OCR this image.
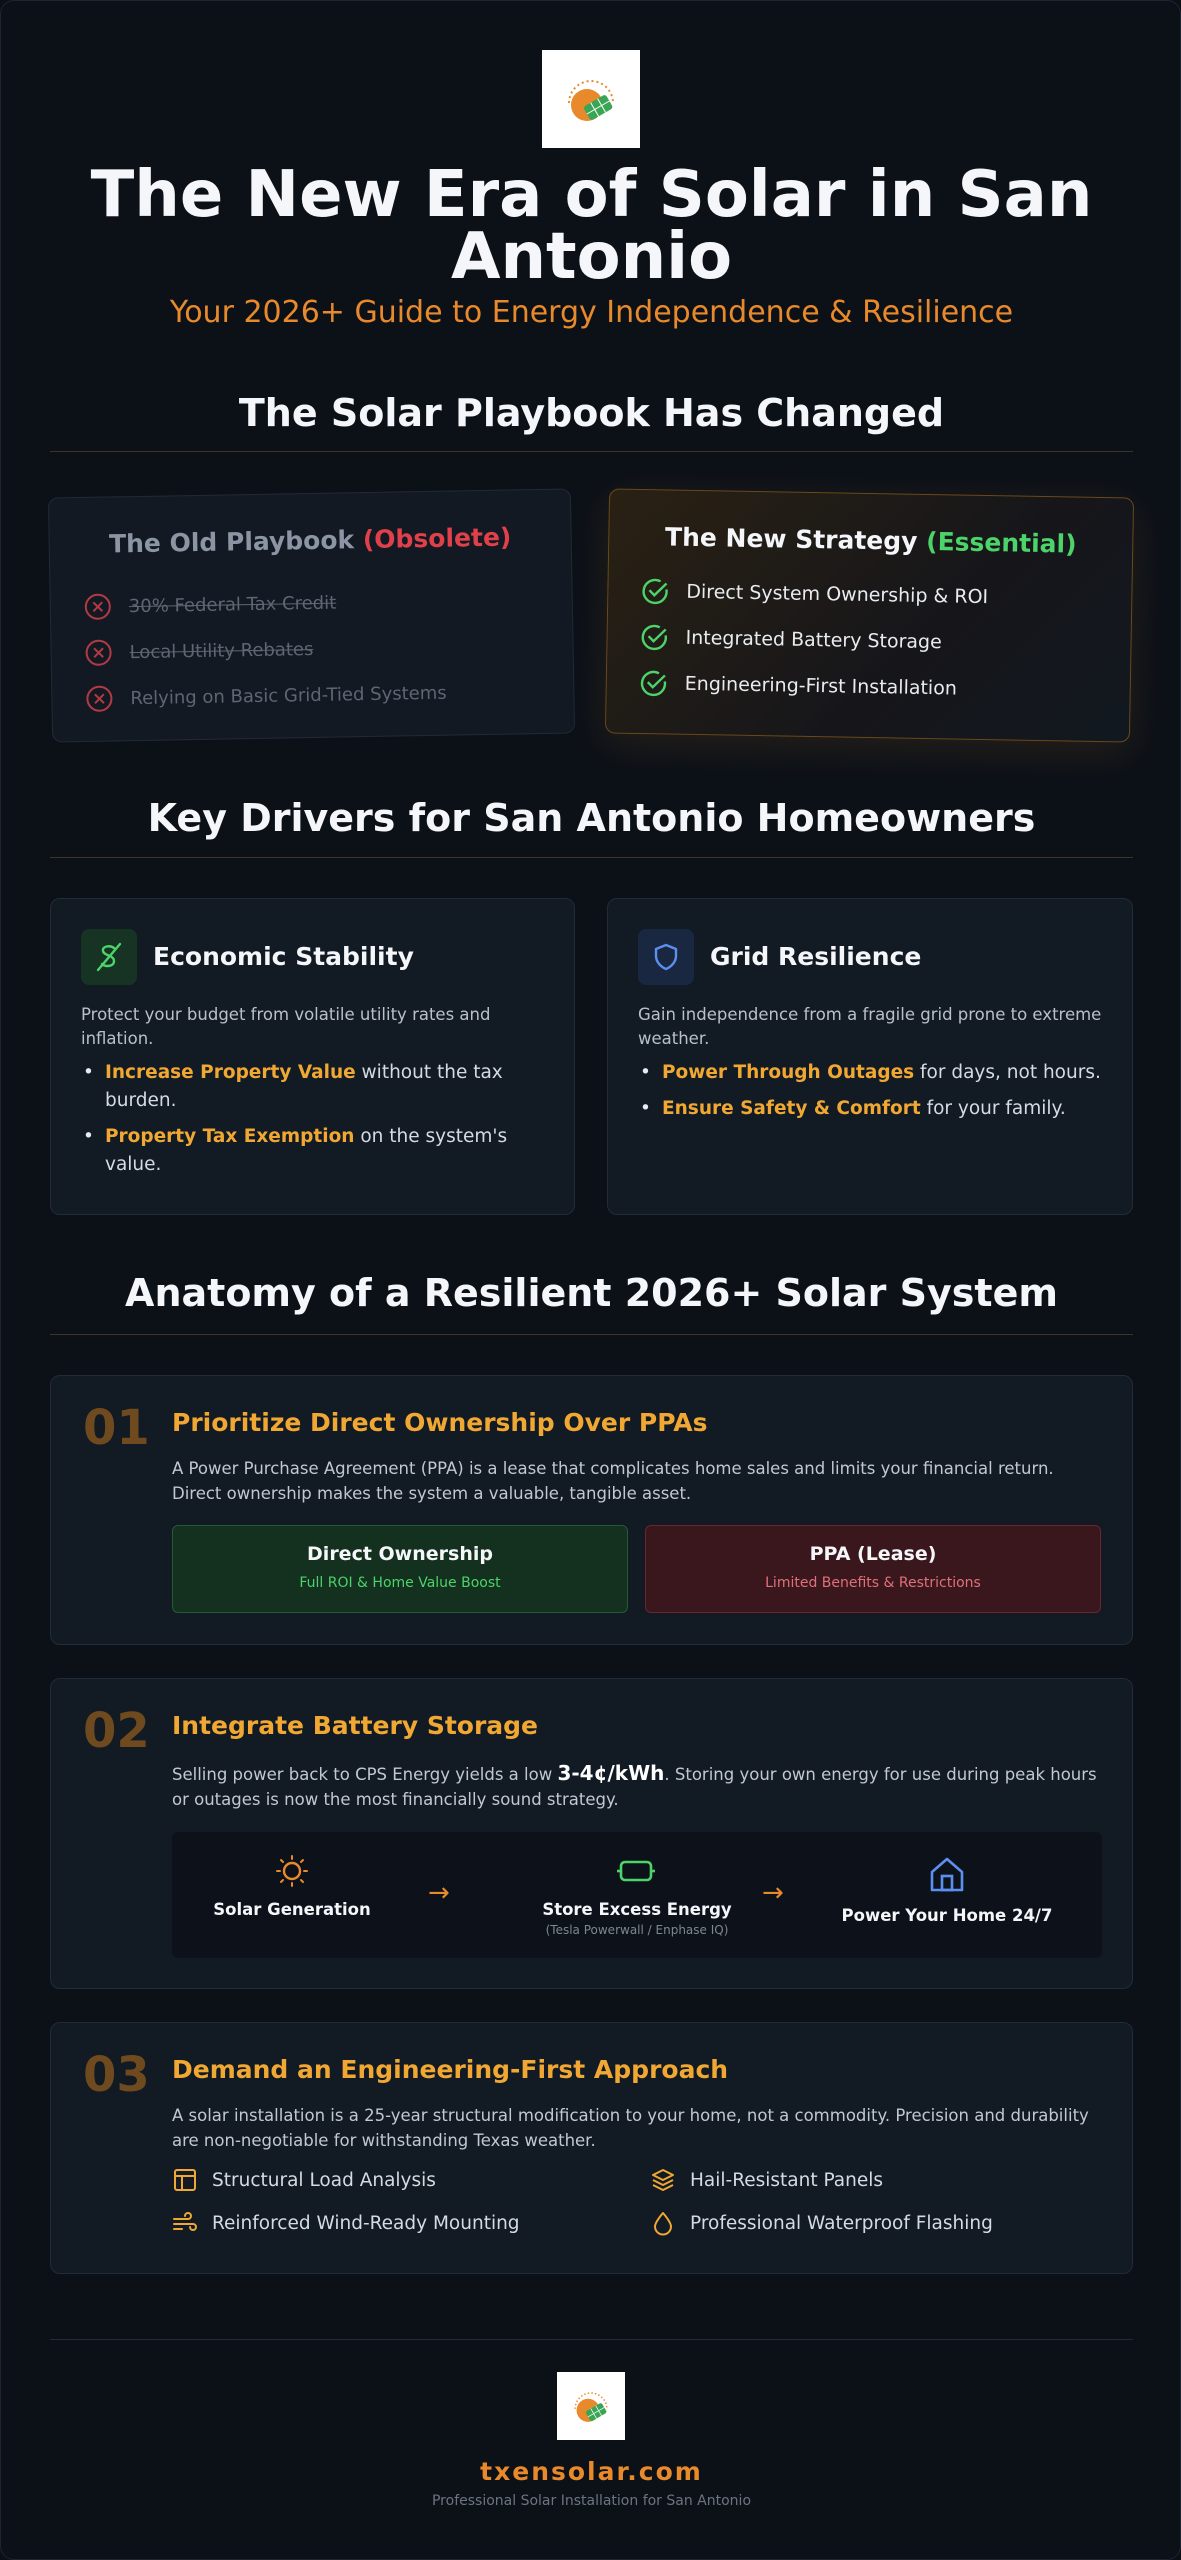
The New Era of Solar in San Antonio
Your 2026+ Guide to Energy Independence & Resilience
The Solar Playbook Has Changed
The Old Playbook (Obsolete)
30% Federal Tax Credit
Local Utility Rebates
Relying on Basic Grid-Tied Systems
The New Strategy (Essential)
Direct System Ownership & ROI
Integrated Battery Storage
Engineering-First Installation
Key Drivers for San Antonio Homeowners
Economic Stability
Protect your budget from volatile utility rates and inflation.
• Increase Property Value without the tax burden.
• Property Tax Exemption on the system's value.
Grid Resilience
Gain independence from a fragile grid prone to extreme weather.
• Power Through Outages for days, not hours.
• Ensure Safety & Comfort for your family.
Anatomy of a Resilient 2026+ Solar System
01 Prioritize Direct Ownership Over PPAs
A Power Purchase Agreement (PPA) is a lease that complicates home sales and limits your financial return. Direct ownership makes the system a valuable, tangible asset.
Direct Ownership
Full ROI & Home Value Boost
PPA (Lease)
Limited Benefits & Restrictions
02 Integrate Battery Storage
Selling power back to CPS Energy yields a low 3-4¢/kWh. Storing your own energy for use during peak hours or outages is now the most financially sound strategy.
Solar Generation
→
Store Excess Energy
(Tesla Powerwall / Enphase IQ)
→
Power Your Home 24/7
03 Demand an Engineering-First Approach
A solar installation is a 25-year structural modification to your home, not a commodity. Precision and durability are non-negotiable for withstanding Texas weather.
Structural Load Analysis	Hail-Resistant Panels
Reinforced Wind-Ready Mounting	Professional Waterproof Flashing
txensolar.com
Professional Solar Installation for San Antonio
